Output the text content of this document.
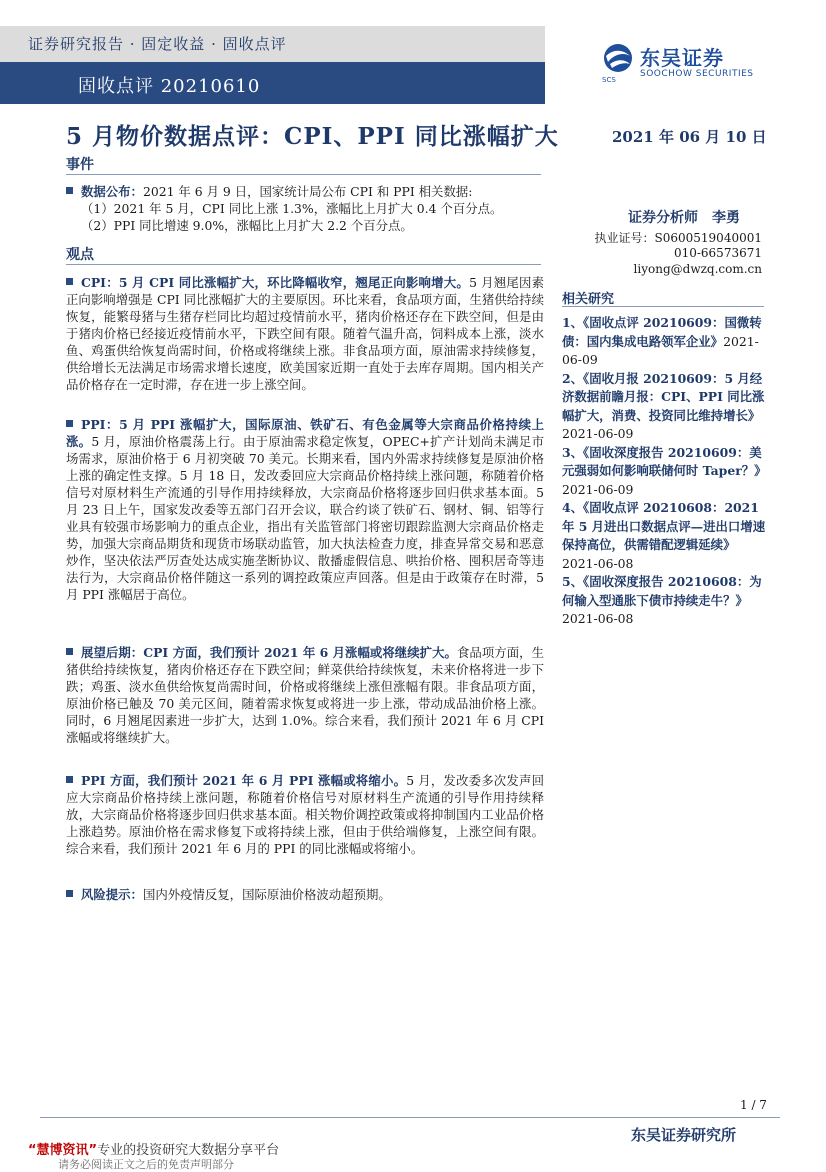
证券研究报告 · 固定收益 · 固收点评
固收点评 20210610	SCS
东吴证券
SOOCHOW SECURITIES
5 月物价数据点评：CPI、PPI 同比涨幅扩大	2021 年 06 月 10 日
事件

数据公布：2021 年 6 月 9 日，国家统计局公布 CPI 和 PPI 相关数据:

（1）2021 年 5 月，CPI 同比上涨 1.3%，涨幅比上月扩大 0.4 个百分点。

（2）PPI 同比增速 9.0%，涨幅比上月扩大 2.2 个百分点。

观点

CPI：5 月 CPI 同比涨幅扩大，环比降幅收窄，翘尾正向影响增大。5 月翘尾因素正向影响增强是 CPI 同比涨幅扩大的主要原因。环比来看，食品项方面，生猪供给持续恢复，能繁母猪与生猪存栏同比均超过疫情前水平，猪肉价格还存在下跌空间，但是由于猪肉价格已经接近疫情前水平，下跌空间有限。随着气温升高，饲料成本上涨，淡水鱼、鸡蛋供给恢复尚需时间，价格或将继续上涨。非食品项方面，原油需求持续修复，供给增长无法满足市场需求增长速度，欧美国家近期一直处于去库存周期。国内相关产品价格存在一定时滞，存在进一步上涨空间。

PPI：5 月 PPI 涨幅扩大，国际原油、铁矿石、有色金属等大宗商品价格持续上涨。5 月，原油价格震荡上行。由于原油需求稳定恢复，OPEC+扩产计划尚未满足市场需求，原油价格于 6 月初突破 70 美元。长期来看，国内外需求持续修复是原油价格上涨的确定性支撑。5 月 18 日，发改委回应大宗商品价格持续上涨问题，称随着价格信号对原材料生产流通的引导作用持续释放，大宗商品价格将逐步回归供求基本面。5 月 23 日上午，国家发改委等五部门召开会议，联合约谈了铁矿石、钢材、铜、铝等行业具有较强市场影响力的重点企业，指出有关监管部门将密切跟踪监测大宗商品价格走势，加强大宗商品期货和现货市场联动监管，加大执法检查力度，排查异常交易和恶意炒作，坚决依法严厉查处达成实施垄断协议、散播虚假信息、哄抬价格、囤积居奇等违法行为，大宗商品价格伴随这一系列的调控政策应声回落。但是由于政策存在时滞，5 月 PPI 涨幅居于高位。

展望后期：CPI 方面，我们预计 2021 年 6 月涨幅或将继续扩大。食品项方面，生猪供给持续恢复，猪肉价格还存在下跌空间；鲜菜供给持续恢复，未来价格将进一步下跌；鸡蛋、淡水鱼供给恢复尚需时间，价格或将继续上涨但涨幅有限。非食品项方面，原油价格已触及 70 美元区间，随着需求恢复或将进一步上涨，带动成品油价格上涨。同时，6 月翘尾因素进一步扩大，达到 1.0%。综合来看，我们预计 2021 年 6 月 CPI 涨幅或将继续扩大。

PPI 方面，我们预计 2021 年 6 月 PPI 涨幅或将缩小。5 月，发改委多次发声回应大宗商品价格持续上涨问题，称随着价格信号对原材料生产流通的引导作用持续释放，大宗商品价格将逐步回归供求基本面。相关物价调控政策或将抑制国内工业品价格上涨趋势。原油价格在需求修复下或将持续上涨，但由于供给端修复，上涨空间有限。综合来看，我们预计 2021 年 6 月的 PPI 的同比涨幅或将缩小。

风险提示：国内外疫情反复，国际原油价格波动超预期。

证券分析师　李勇
执业证号：S0600519040001
010-66573671
liyong@dwzq.com.cn
相关研究
1、《固收点评 20210609：国微转债：国内集成电路领军企业》2021-06-09
2、《固收月报 20210609：5 月经济数据前瞻月报：CPI、PPI 同比涨幅扩大，消费、投资同比维持增长》2021-06-09
3、《固收深度报告 20210609：美元强弱如何影响联储何时 Taper？》2021-06-09
4、《固收点评 20210608：2021 年 5 月进出口数据点评—进出口增速保持高位，供需错配逻辑延续》2021-06-08
5、《固收深度报告 20210608：为何输入型通胀下债市持续走牛？》2021-06-08
1 / 7
东吴证券研究所
“慧博资讯”专业的投资研究大数据分享平台
请务必阅读正文之后的免责声明部分
